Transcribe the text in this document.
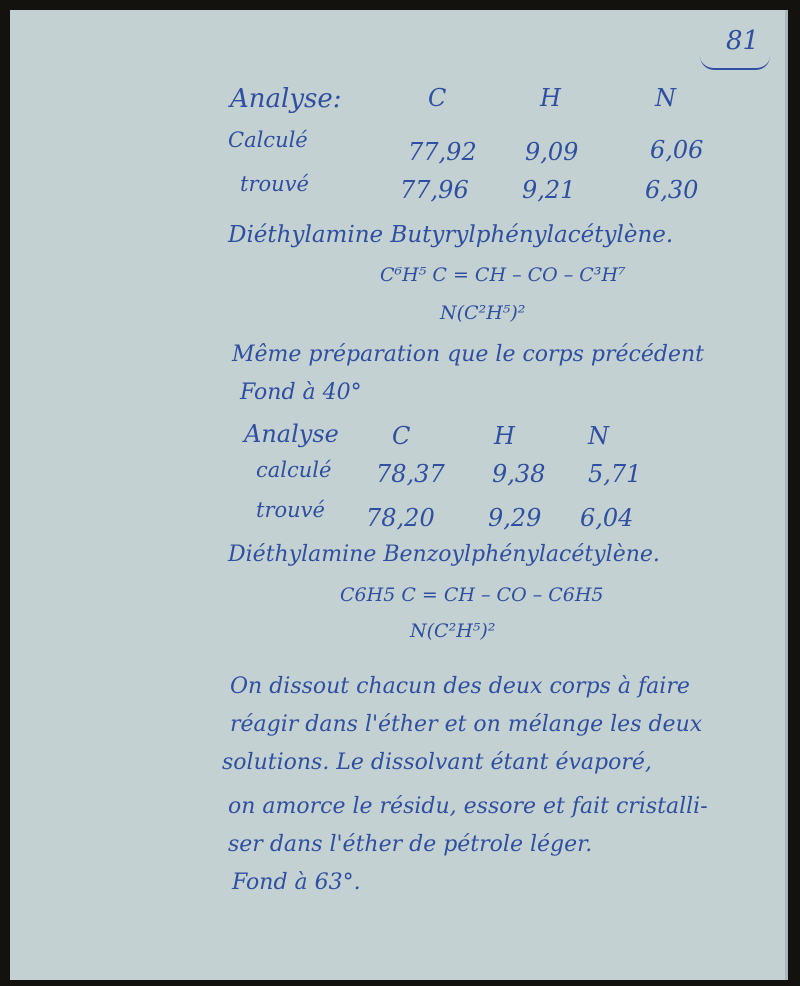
81
Analyse:	C	H	N
Calculé	77,92 9,09	6,06
trouvé	77,96 9,21	6,30
Diéthylamine Butyrylphénylacétylène.
C⁶H⁵ C = CH – CO – C³H⁷
N(C²H⁵)²
Même préparation que le corps précédent
Fond à 40°
Analyse C	H	N
calculé 78,37 9,38 5,71
trouvé 78,20 9,29 6,04
Diéthylamine Benzoylphénylacétylène.
C6H5 C = CH – CO – C6H5
N(C²H⁵)²
On dissout chacun des deux corps à faire
réagir dans l'éther et on mélange les deux
solutions. Le dissolvant étant évaporé,
on amorce le résidu, essore et fait cristalli-
ser dans l'éther de pétrole léger.
Fond à 63°.
